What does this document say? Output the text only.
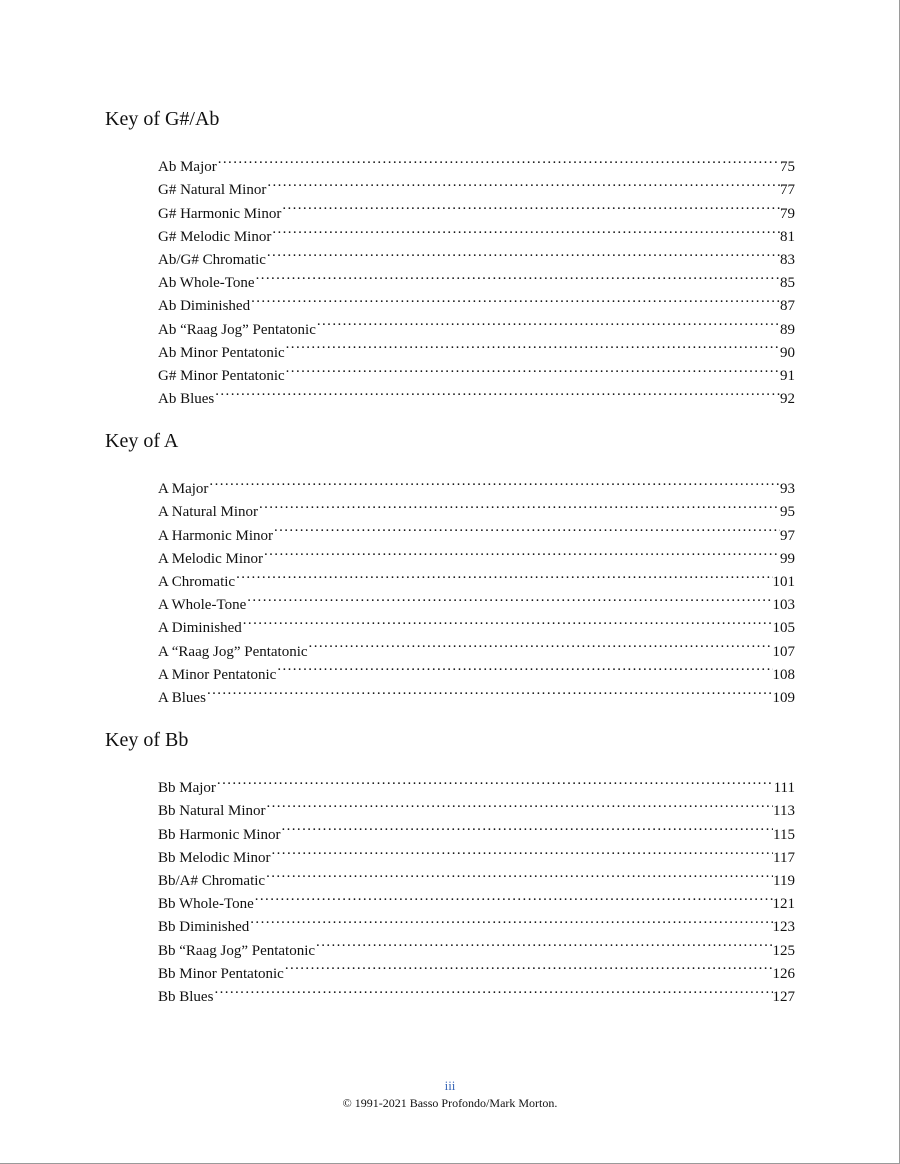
Key of G#/Ab
Ab Major .....	75
G# Natural Minor .....	77
G# Harmonic Minor .....	79
G# Melodic Minor .....	81
Ab/G# Chromatic .....	83
Ab Whole-Tone .....	85
Ab Diminished .....	87
Ab “Raag Jog” Pentatonic .....	89
Ab Minor Pentatonic .....	90
G# Minor Pentatonic .....	91
Ab Blues .....	92
Key of A
A Major .....	93
A Natural Minor .....	95
A Harmonic Minor .....	97
A Melodic Minor .....	99
A Chromatic .....	101
A Whole-Tone .....	103
A Diminished .....	105
A “Raag Jog” Pentatonic .....	107
A Minor Pentatonic .....	108
A Blues .....	109
Key of Bb
Bb Major .....	111
Bb Natural Minor .....	113
Bb Harmonic Minor .....	115
Bb Melodic Minor .....	117
Bb/A# Chromatic .....	119
Bb Whole-Tone .....	121
Bb Diminished .....	123
Bb “Raag Jog” Pentatonic .....	125
Bb Minor Pentatonic .....	126
Bb Blues .....	127
iii
© 1991-2021 Basso Profondo/Mark Morton.
